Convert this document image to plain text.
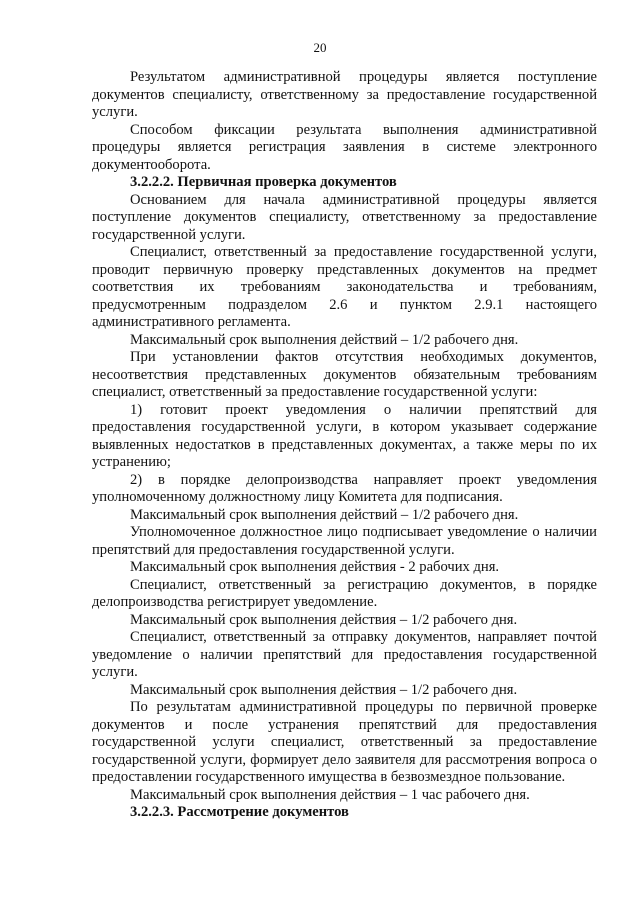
20

Результатом административной процедуры является поступление документов специалисту, ответственному за предоставление государственной услуги.

Способом фиксации результата выполнения административной процедуры является регистрация заявления в системе электронного документооборота.

3.2.2.2. Первичная проверка документов

Основанием для начала административной процедуры является поступление документов специалисту, ответственному за предоставление государственной услуги.

Специалист, ответственный за предоставление государственной услуги, проводит первичную проверку представленных документов на предмет соответствия их требованиям законодательства и требованиям, предусмотренным подразделом 2.6 и пунктом 2.9.1 настоящего административного регламента.

Максимальный срок выполнения действий – 1/2 рабочего дня.

При установлении фактов отсутствия необходимых документов, несоответствия представленных документов обязательным требованиям специалист, ответственный за предоставление государственной услуги:

1) готовит проект уведомления о наличии препятствий для предоставления государственной услуги, в котором указывает содержание выявленных недостатков в представленных документах, а также меры по их устранению;

2) в порядке делопроизводства направляет проект уведомления уполномоченному должностному лицу Комитета для подписания.

Максимальный срок выполнения действий – 1/2 рабочего дня.

Уполномоченное должностное лицо подписывает уведомление о наличии препятствий для предоставления государственной услуги.

Максимальный срок выполнения действия - 2 рабочих дня.

Специалист, ответственный за регистрацию документов, в порядке делопроизводства регистрирует уведомление.

Максимальный срок выполнения действия – 1/2 рабочего дня.

Специалист, ответственный за отправку документов, направляет почтой уведомление о наличии препятствий для предоставления государственной услуги.

Максимальный срок выполнения действия – 1/2 рабочего дня.

По результатам административной процедуры по первичной проверке документов и после устранения препятствий для предоставления государственной услуги специалист, ответственный за предоставление государственной услуги, формирует дело заявителя для рассмотрения вопроса о предоставлении государственного имущества в безвозмездное пользование.

Максимальный срок выполнения действия – 1 час рабочего дня.

3.2.2.3. Рассмотрение документов
